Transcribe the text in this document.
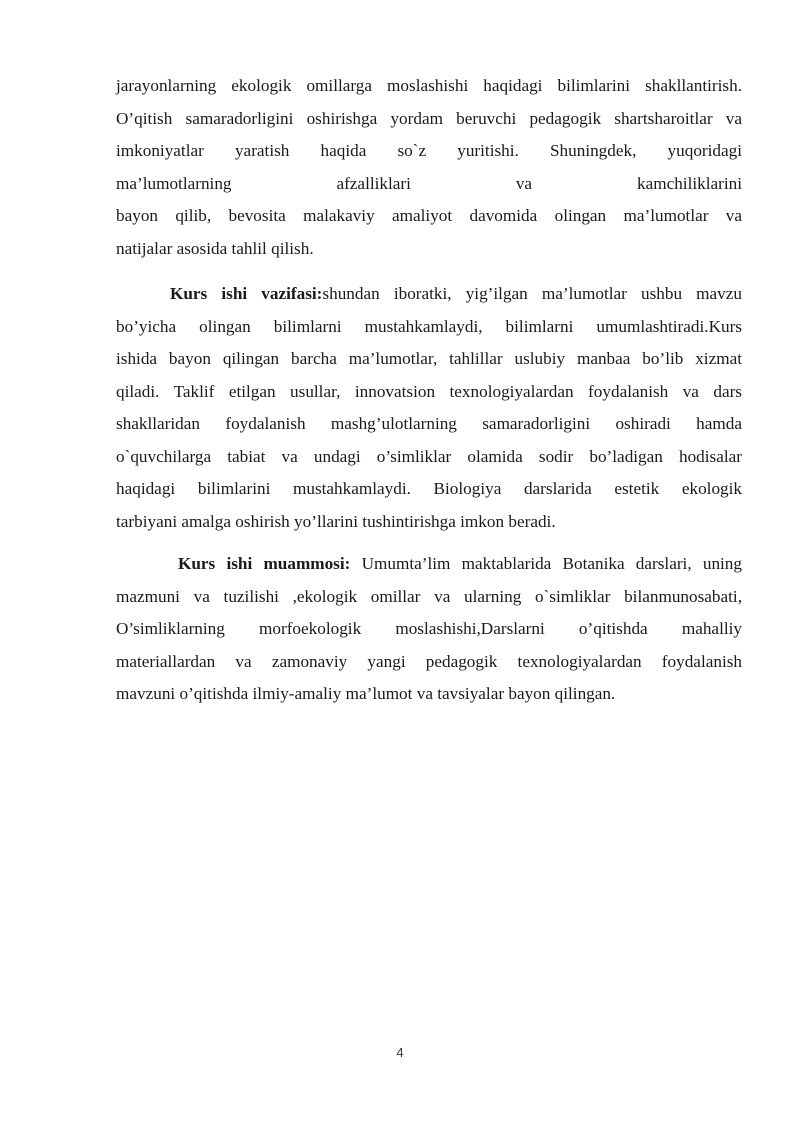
jarayonlarning ekologik omillarga moslashishi haqidagi bilimlarini shakllantirish.
O’qitish samaradorligini oshirishga yordam beruvchi pedagogik shartsharoitlar va
imkoniyatlar yaratish haqida so`z yuritishi. Shuningdek, yuqoridagi
ma’lumotlarning afzalliklari va kamchiliklarini
bayon qilib, bevosita malakaviy amaliyot davomida olingan ma’lumotlar va
natijalar asosida tahlil qilish.
Kurs ishi vazifasi:shundan iboratki, yig’ilgan ma’lumotlar ushbu mavzu
bo’yicha olingan bilimlarni mustahkamlaydi, bilimlarni umumlashtiradi.Kurs
ishida bayon qilingan barcha ma’lumotlar, tahlillar uslubiy manbaa bo’lib xizmat
qiladi. Taklif etilgan usullar, innovatsion texnologiyalardan foydalanish va dars
shakllaridan foydalanish mashg’ulotlarning samaradorligini oshiradi hamda
o`quvchilarga tabiat va undagi o’simliklar olamida sodir bo’ladigan hodisalar
haqidagi bilimlarini mustahkamlaydi. Biologiya darslarida estetik ekologik
tarbiyani amalga oshirish yo’llarini tushintirishga imkon beradi.
Kurs ishi muammosi: Umumta’lim maktablarida Botanika darslari, uning
mazmuni va tuzilishi ,ekologik omillar va ularning o`simliklar bilanmunosabati,
O’simliklarning morfoekologik moslashishi,Darslarni o’qitishda mahalliy
materiallardan va zamonaviy yangi pedagogik texnologiyalardan foydalanish
mavzuni o’qitishda ilmiy-amaliy ma’lumot va tavsiyalar bayon qilingan.
4
